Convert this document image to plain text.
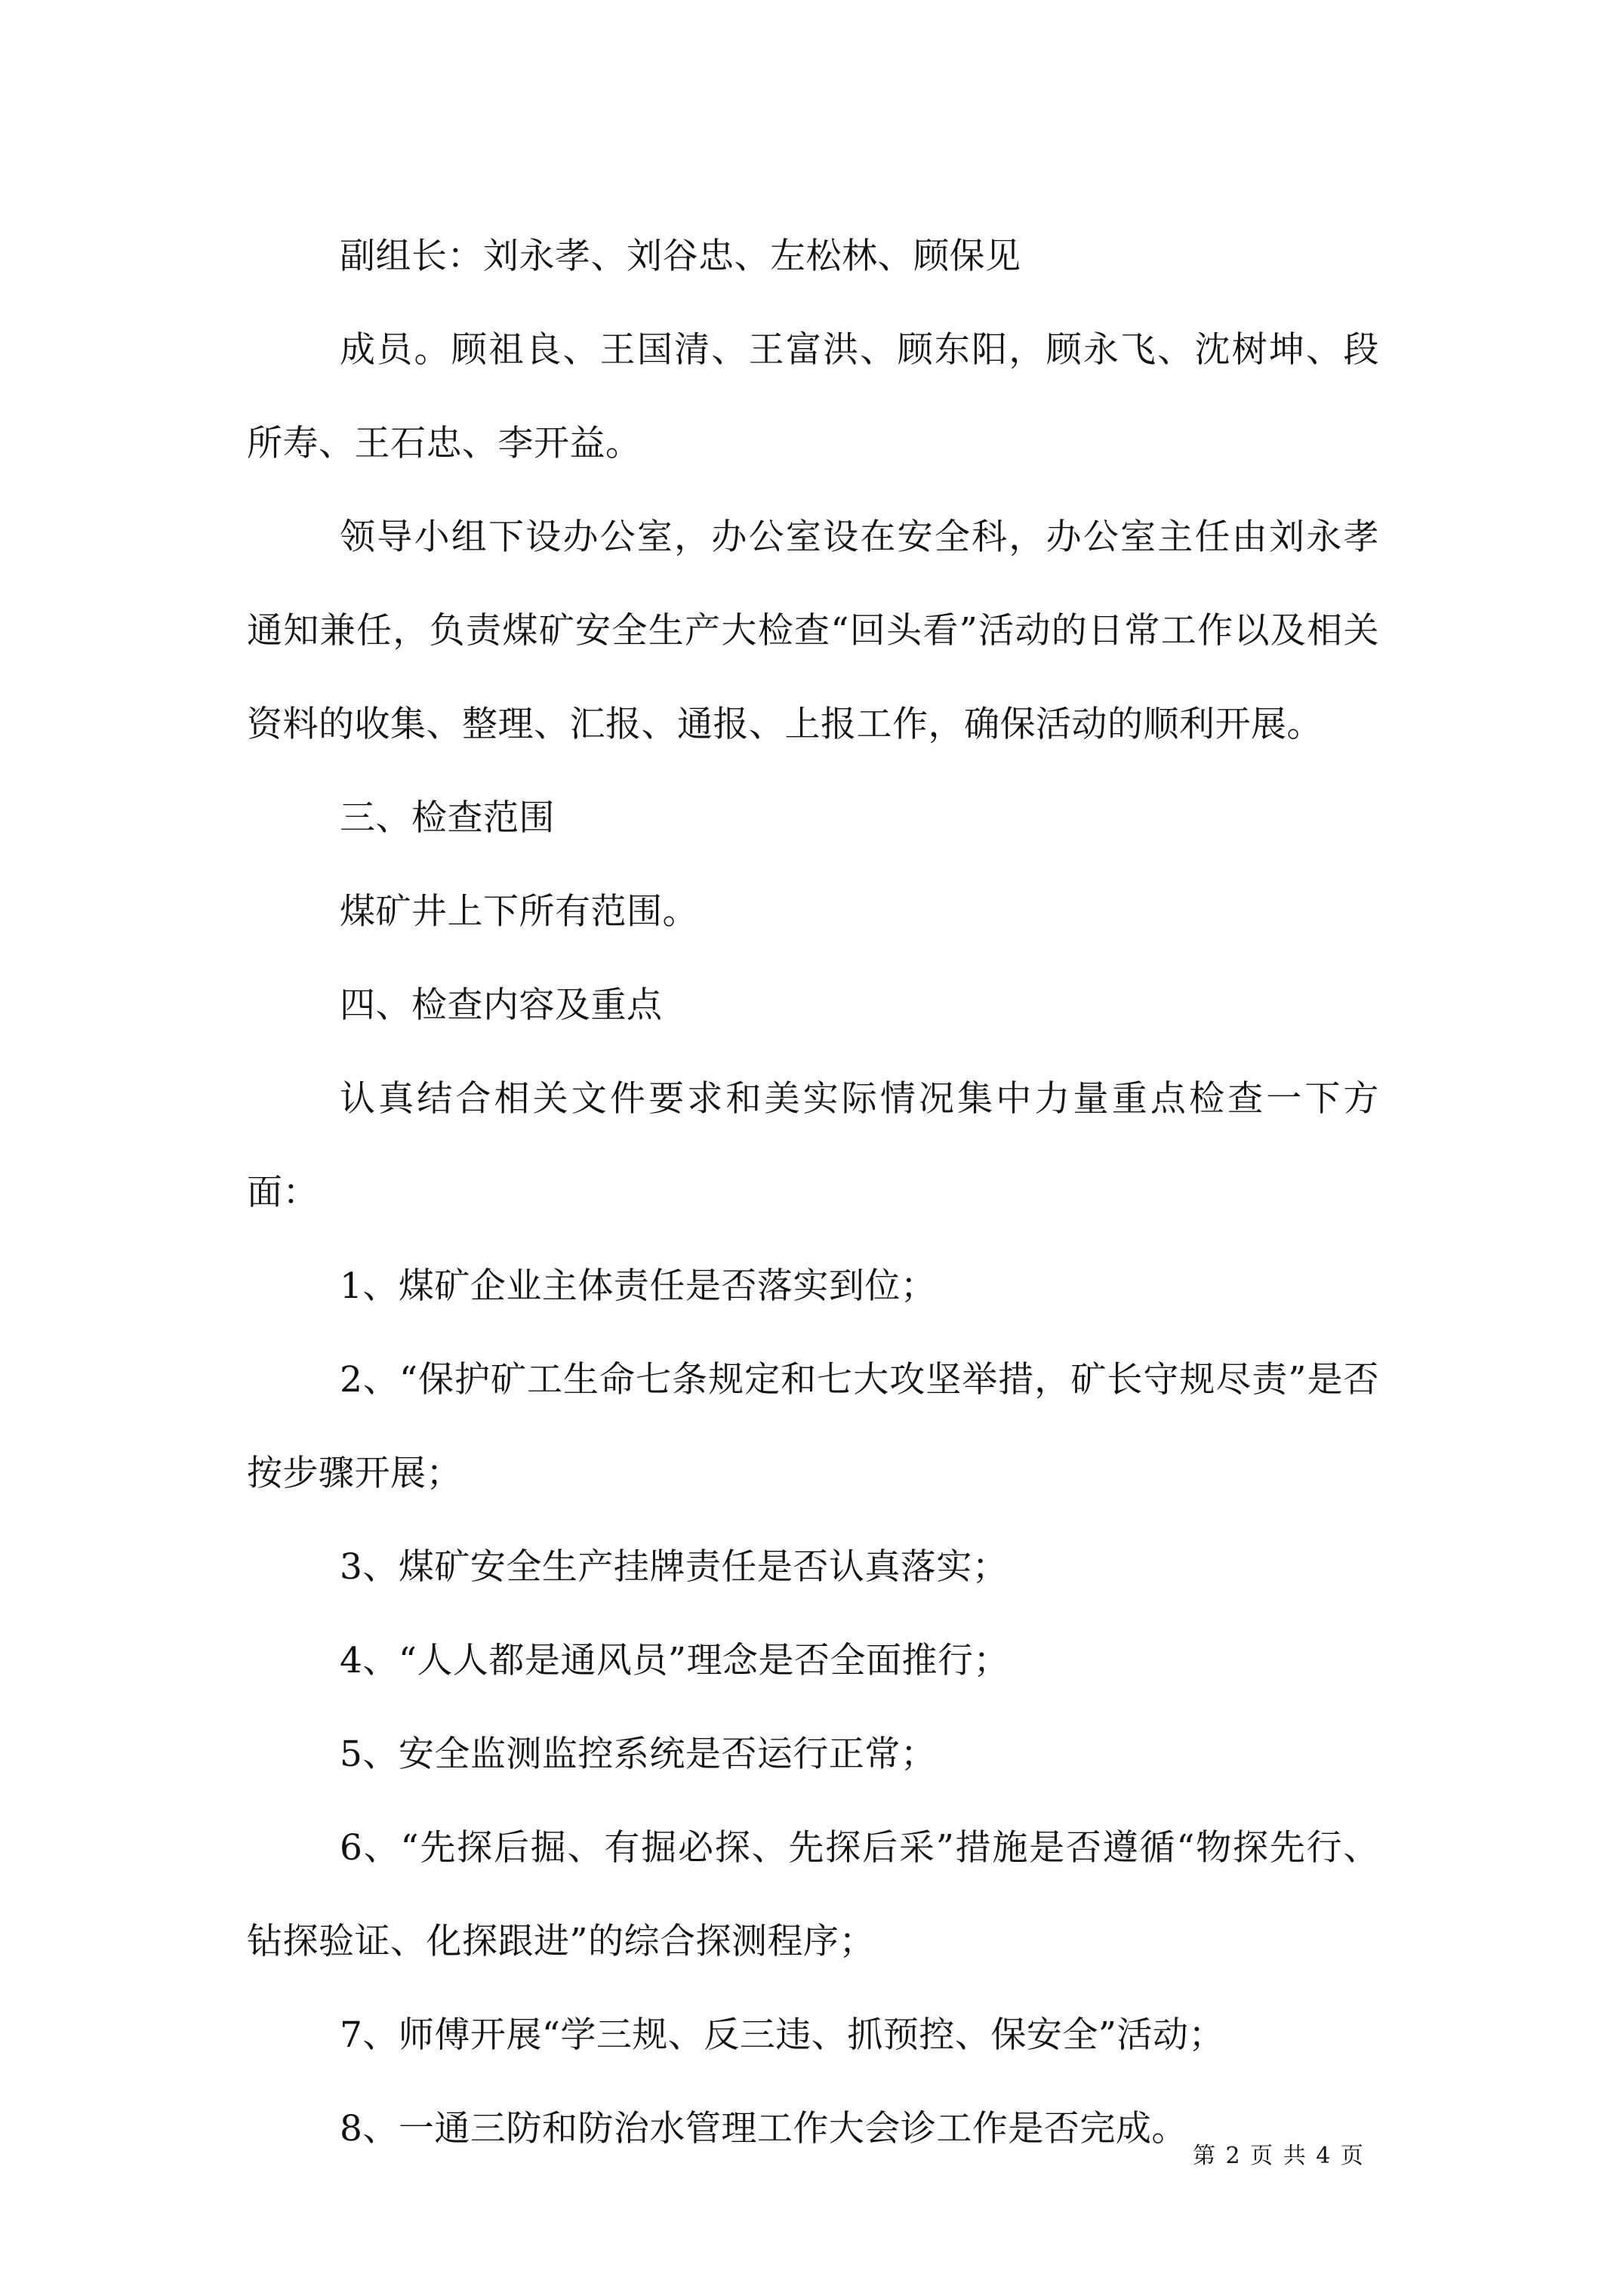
副组长：刘永孝、刘谷忠、左松林、顾保见

成员。顾祖良、王国清、王富洪、顾东阳，顾永飞、沈树坤、段所寿、王石忠、李开益。

领导小组下设办公室，办公室设在安全科，办公室主任由刘永孝通知兼任，负责煤矿安全生产大检查“回头看”活动的日常工作以及相关资料的收集、整理、汇报、通报、上报工作，确保活动的顺利开展。

三、检查范围

煤矿井上下所有范围。

四、检查内容及重点

认真结合相关文件要求和美实际情况集中力量重点检查一下方面：

1、煤矿企业主体责任是否落实到位；

2、“保护矿工生命七条规定和七大攻坚举措，矿长守规尽责”是否按步骤开展；

3、煤矿安全生产挂牌责任是否认真落实；

4、“人人都是通风员”理念是否全面推行；

5、安全监测监控系统是否运行正常；

6、“先探后掘、有掘必探、先探后采”措施是否遵循“物探先行、钻探验证、化探跟进”的综合探测程序；

7、师傅开展“学三规、反三违、抓预控、保安全”活动；

8、一通三防和防治水管理工作大会诊工作是否完成。

第 2 页 共 4 页
